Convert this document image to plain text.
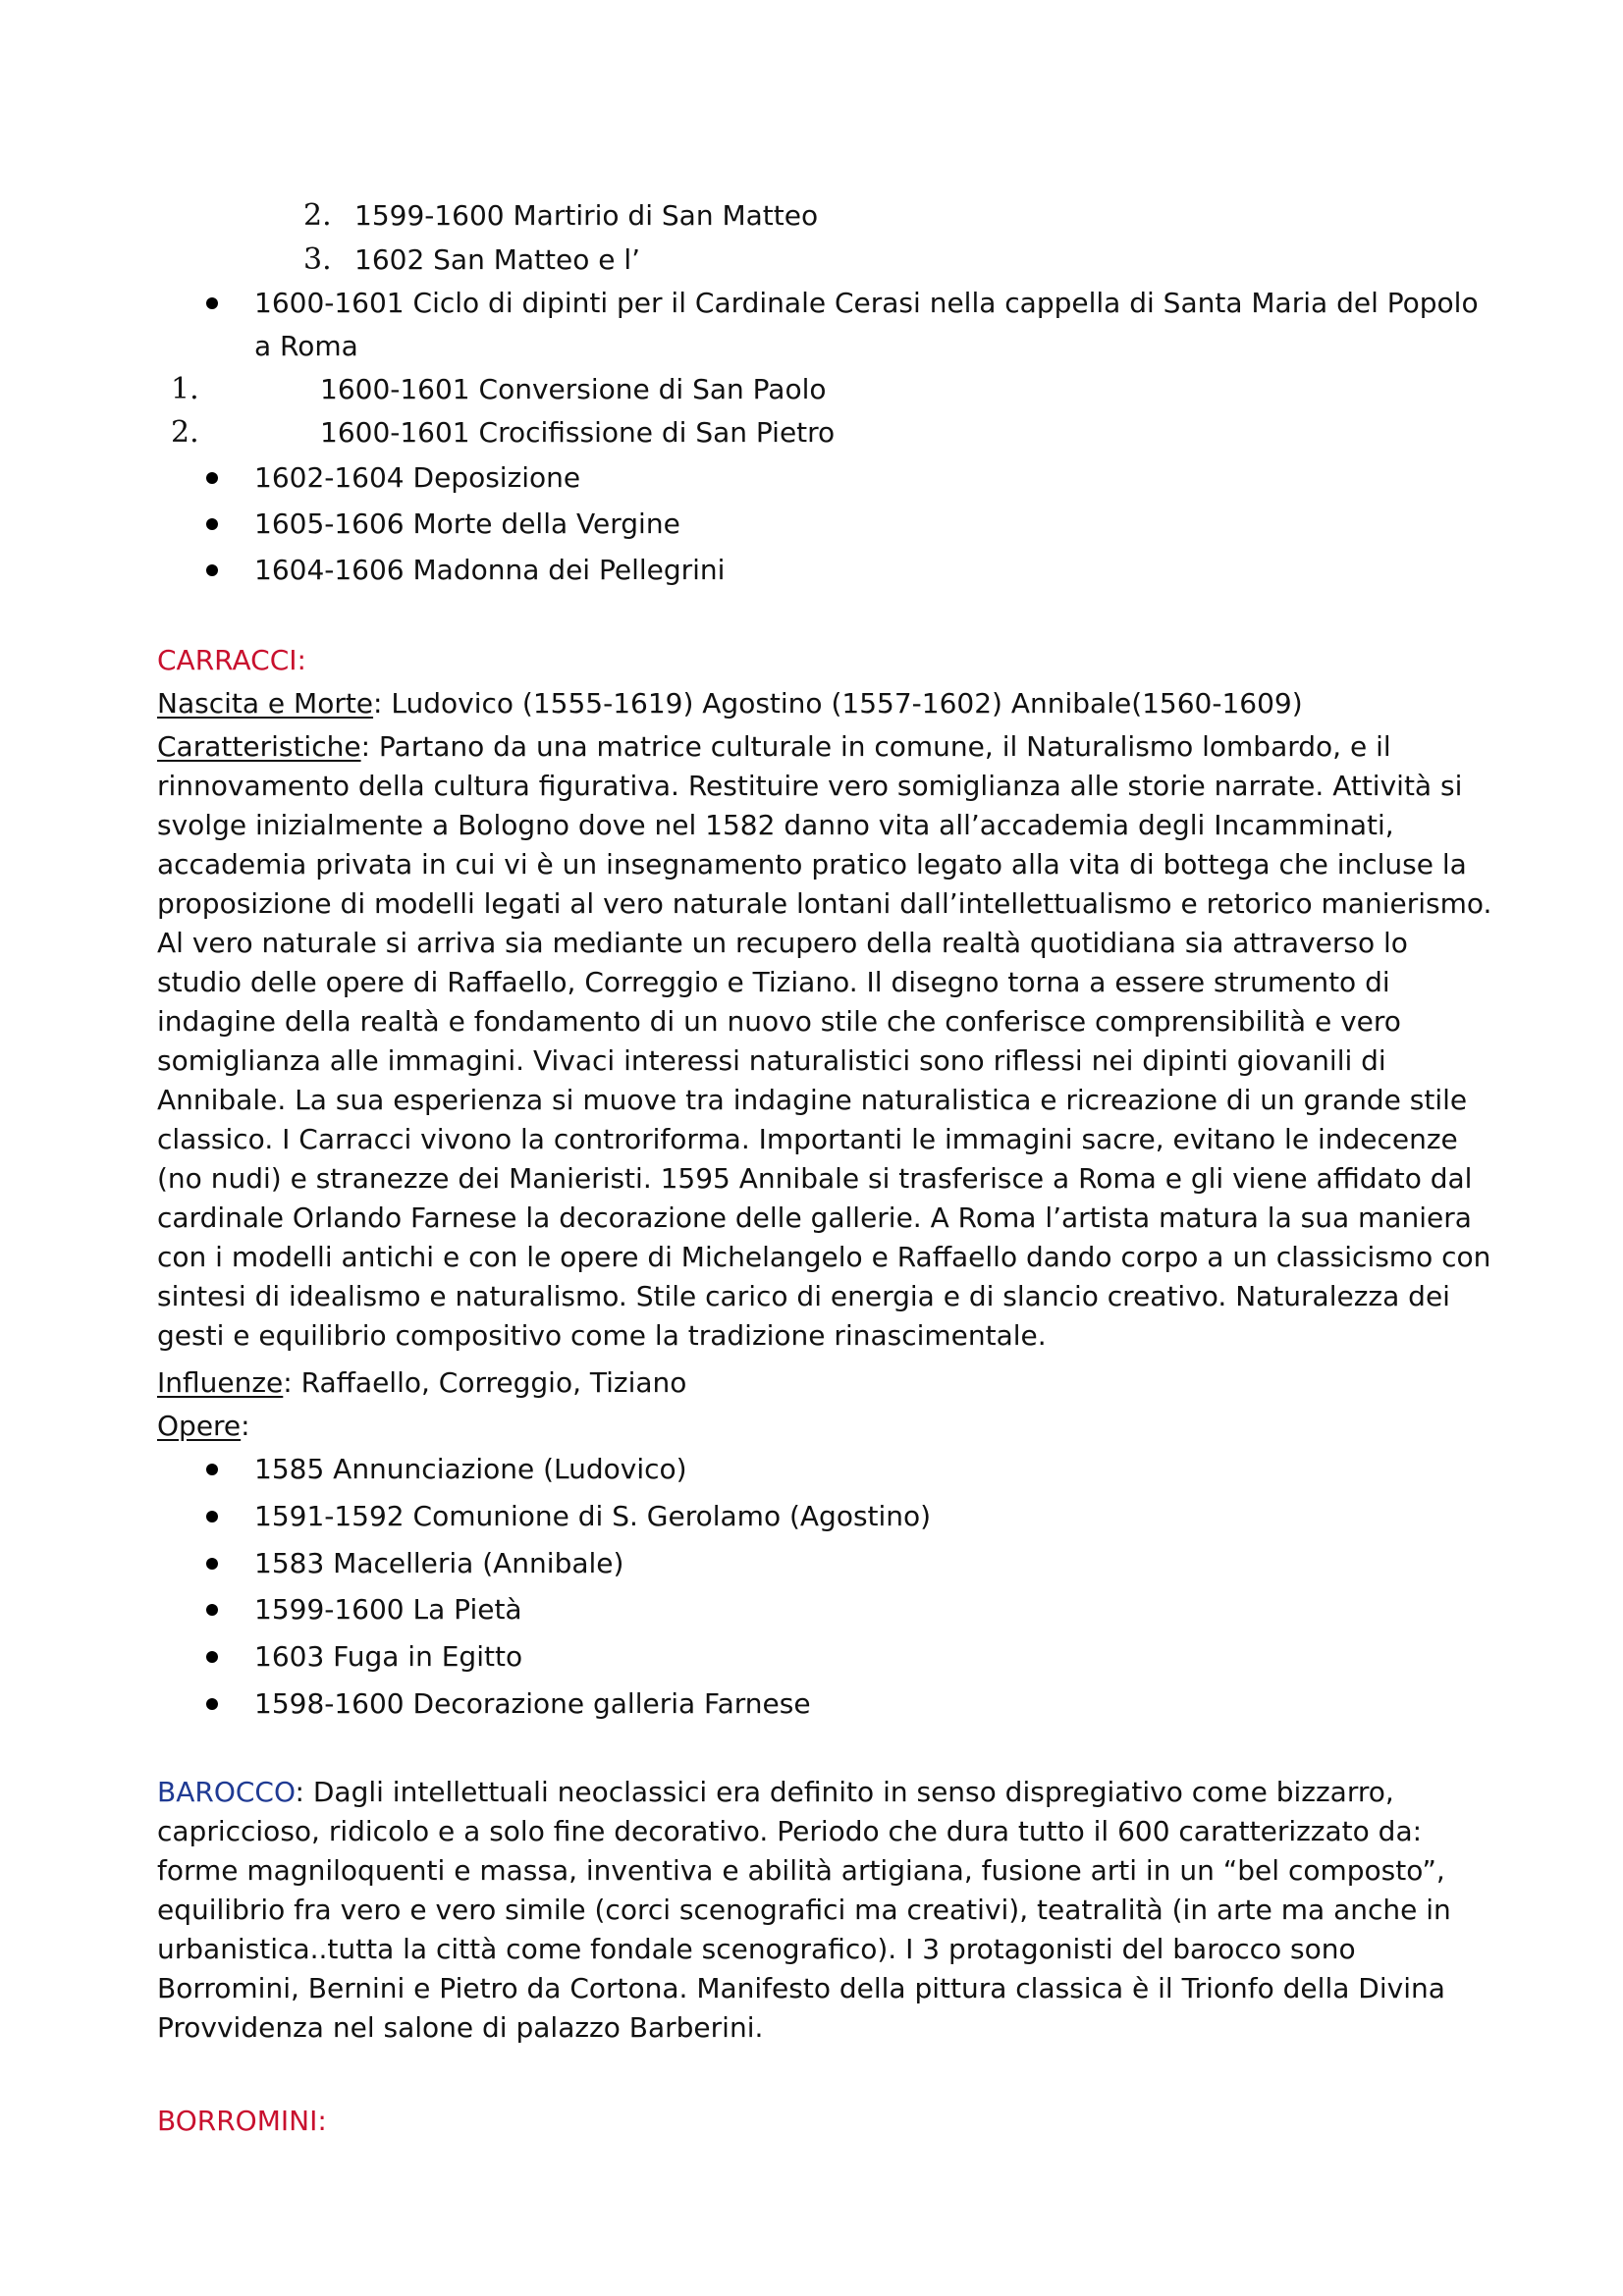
2. 1599-1600 Martirio di San Matteo
3. 1602 San Matteo e l’
1600-1601 Ciclo di dipinti per il Cardinale Cerasi nella cappella di Santa Maria del Popolo
a Roma
1.	1600-1601 Conversione di San Paolo
2.	1600-1601 Crocifissione di San Pietro
1602-1604 Deposizione
1605-1606 Morte della Vergine
1604-1606 Madonna dei Pellegrini
CARRACCI:
Nascita e Morte: Ludovico (1555-1619) Agostino (1557-1602) Annibale(1560-1609)
Caratteristiche: Partano da una matrice culturale in comune, il Naturalismo lombardo, e il rinnovamento della cultura figurativa. Restituire vero somiglianza alle storie narrate. Attività si svolge inizialmente a Bologno dove nel 1582 danno vita all’accademia degli Incamminati, accademia privata in cui vi è un insegnamento pratico legato alla vita di bottega che incluse la proposizione di modelli legati al vero naturale lontani dall’intellettualismo e retorico manierismo. Al vero naturale si arriva sia mediante un recupero della realtà quotidiana sia attraverso lo studio delle opere di Raffaello, Correggio e Tiziano. Il disegno torna a essere strumento di indagine della realtà e fondamento di un nuovo stile che conferisce comprensibilità e vero somiglianza alle immagini. Vivaci interessi naturalistici sono riflessi nei dipinti giovanili di Annibale. La sua esperienza si muove tra indagine naturalistica e ricreazione di un grande stile classico. I Carracci vivono la controriforma. Importanti le immagini sacre, evitano le indecenze (no nudi) e stranezze dei Manieristi. 1595 Annibale si trasferisce a Roma e gli viene affidato dal cardinale Orlando Farnese la decorazione delle gallerie. A Roma l’artista matura la sua maniera con i modelli antichi e con le opere di Michelangelo e Raffaello dando corpo a un classicismo con sintesi di idealismo e naturalismo. Stile carico di energia e di slancio creativo. Naturalezza dei gesti e equilibrio compositivo come la tradizione rinascimentale.
Influenze: Raffaello, Correggio, Tiziano
Opere:
1585 Annunciazione (Ludovico)
1591-1592 Comunione di S. Gerolamo (Agostino)
1583 Macelleria (Annibale)
1599-1600 La Pietà
1603 Fuga in Egitto
1598-1600 Decorazione galleria Farnese
BAROCCO: Dagli intellettuali neoclassici era definito in senso dispregiativo come bizzarro, capriccioso, ridicolo e a solo fine decorativo. Periodo che dura tutto il 600 caratterizzato da: forme magniloquenti e massa, inventiva e abilità artigiana, fusione arti in un “bel composto”, equilibrio fra vero e vero simile (corci scenografici ma creativi), teatralità (in arte ma anche in urbanistica..tutta la città come fondale scenografico). I 3 protagonisti del barocco sono Borromini, Bernini e Pietro da Cortona. Manifesto della pittura classica è il Trionfo della Divina Provvidenza nel salone di palazzo Barberini.
BORROMINI:
